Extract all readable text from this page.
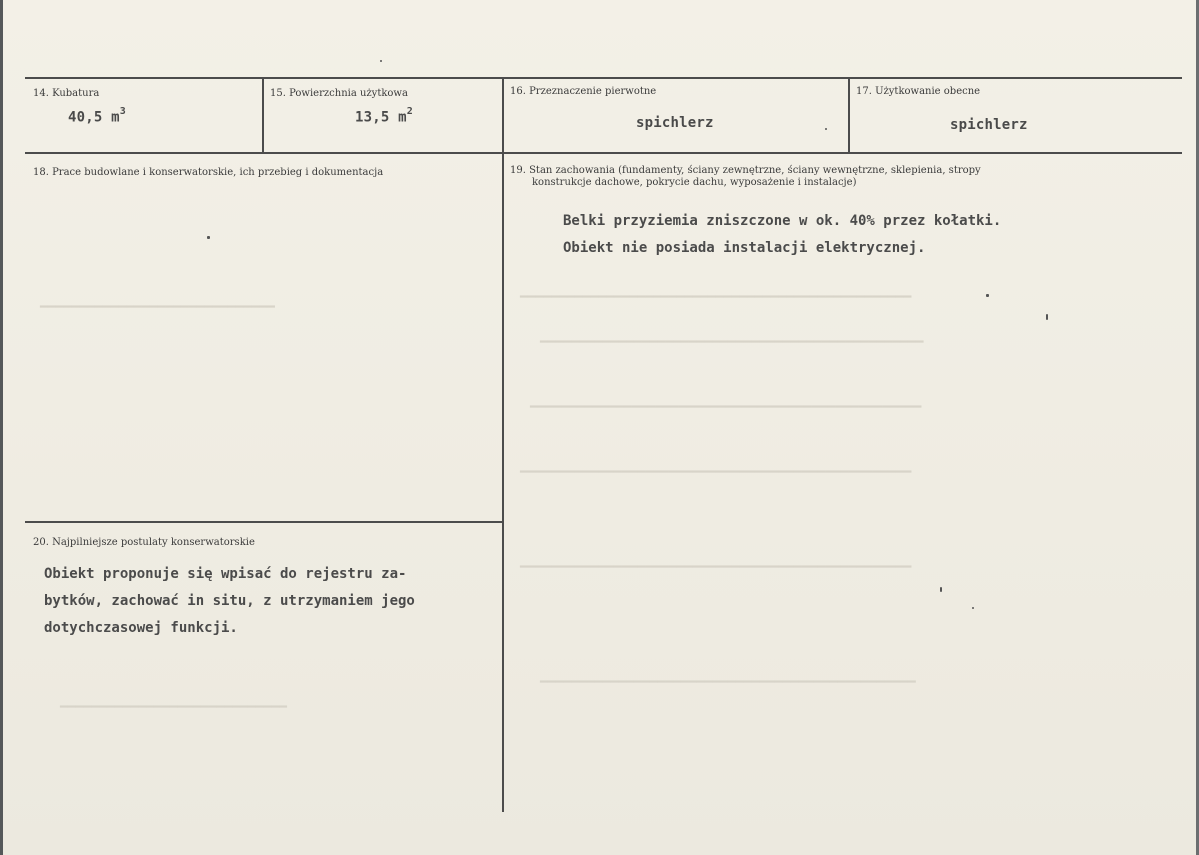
━━━━━━━━━━━━━━━━━━━━━━━━━━━━━━━━━━━━━━━━━━━━━━━━━━
━━━━━━━━━━━━━━━━━━━━━━━━━━━━━━━━━━━━━━━━━━━━━━━━━
━━━━━━━━━━━━━━━━━━━━━━━━━━━━━━━━━━━━━━━━━━━━━━━━━━
━━━━━━━━━━━━━━━━━━━━━━━━━━━━━━━━━━━━━━━━━━━━━━━━━━
━━━━━━━━━━━━━━━━━━━━━━━━━━━━━━━━━━━━━━━━━━━━━━━━━━
━━━━━━━━━━━━━━━━━━━━━━━━━━━━━━━━━━━━━━━━━━━━━━━━
━━━━━━━━━━━━━━━━━━━━━━━━━━━━━━
━━━━━━━━━━━━━━━━━━━━━━━━━━━━━
14. Kubatura
40,5 $m^3$
15. Powierzchnia użytkowa
13,5 $m^2$
16. Przeznaczenie pierwotne
spichlerz
17. Użytkowanie obecne
spichlerz
18. Prace budowlane i konserwatorskie, ich przebieg i dokumentacja	19. Stan zachowania (fundamenty, ściany zewnętrzne, ściany wewnętrzne, sklepienia, stropy
konstrukcje dachowe, pokrycie dachu, wyposażenie i instalacje)
Belki przyziemia zniszczone w ok. 40% przez kołatki.
Obiekt nie posiada instalacji elektrycznej.
20. Najpilniejsze postulaty konserwatorskie
Obiekt proponuje się wpisać do rejestru za-
bytków, zachować in situ, z utrzymaniem jego
dotychczasowej funkcji.
